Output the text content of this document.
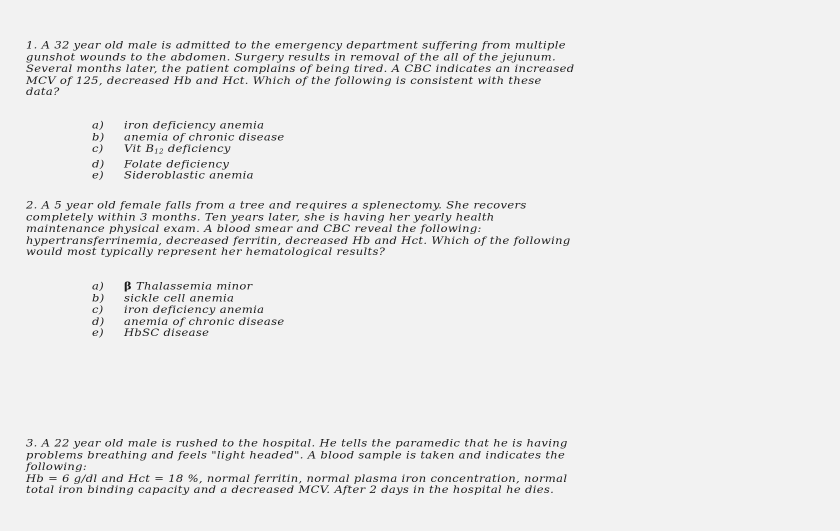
1. A 32 year old male is admitted to the emergency department suffering from multiple
gunshot wounds to the abdomen. Surgery results in removal of the all of the jejunum.
Several months later, the patient complains of being tired. A CBC indicates an increased
MCV of 125, decreased Hb and Hct. Which of the following is consistent with these
data?
a) iron deficiency anemia
b) anemia of chronic disease
c) Vit $B_{12}$ deficiency
d) Folate deficiency
e) Sideroblastic anemia
2. A 5 year old female falls from a tree and requires a splenectomy. She recovers
completely within 3 months. Ten years later, she is having her yearly health
maintenance physical exam. A blood smear and CBC reveal the following:
hypertransferrinemia, decreased ferritin, decreased Hb and Hct. Which of the following
would most typically represent her hematological results?
a) β Thalassemia minor
b) sickle cell anemia
c) iron deficiency anemia
d) anemia of chronic disease
e) HbSC disease
3. A 22 year old male is rushed to the hospital. He tells the paramedic that he is having
problems breathing and feels "light headed". A blood sample is taken and indicates the
following:
Hb = 6 g/dl and Hct = 18 %, normal ferritin, normal plasma iron concentration, normal
total iron binding capacity and a decreased MCV. After 2 days in the hospital he dies.
